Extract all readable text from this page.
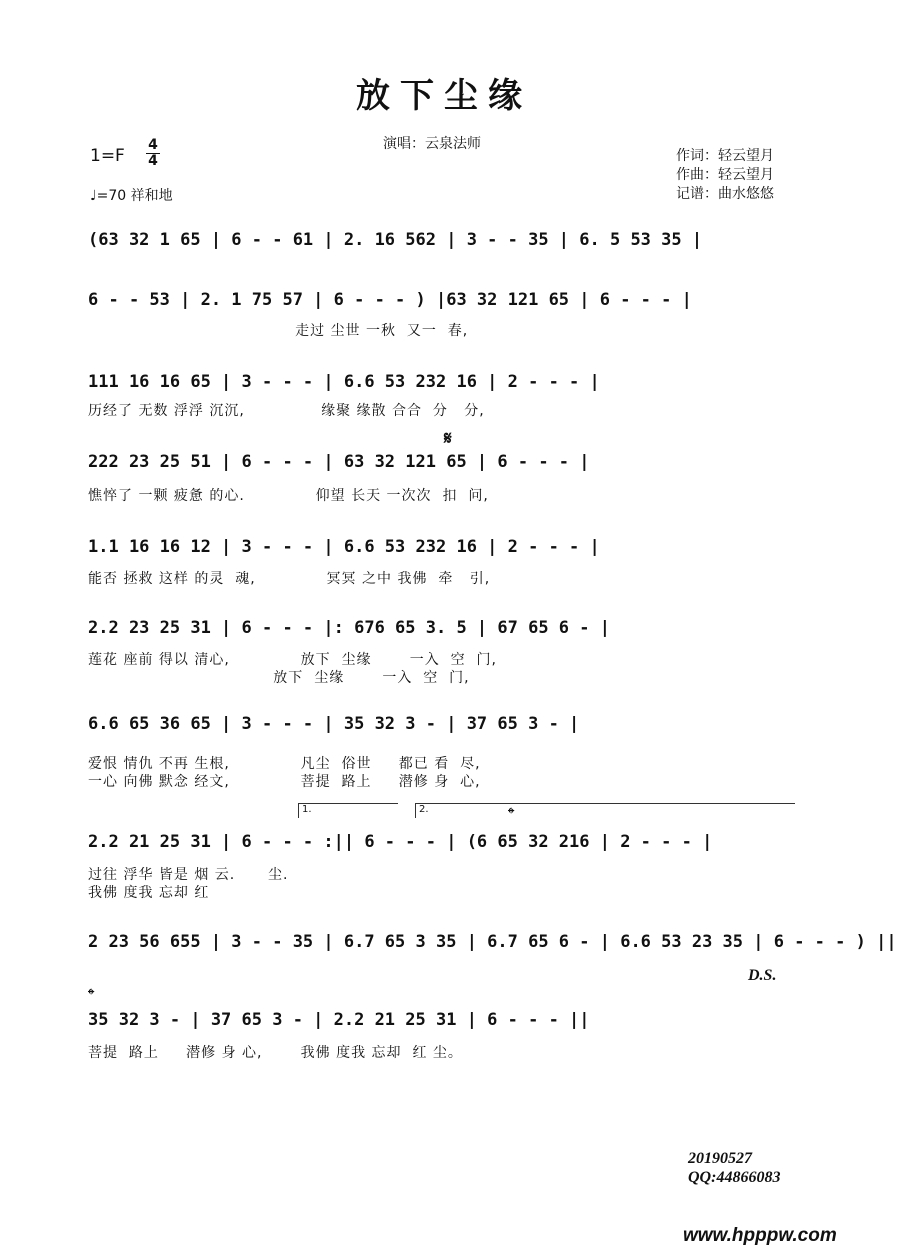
放下尘缘
演唱：云泉法师
1=F
4
4
♩=70 祥和地
作词：轻云望月
作曲：轻云望月
记谱：曲水悠悠
(63 32 1 65 | 6 - - 61 | 2. 16 562 | 3 - - 35 | 6. 5 53 35 |
6 - - 53 | 2. 1 75 57 | 6 - - - ) |63 32 121 65 | 6 - - - |
走过 尘世 一秋  又一  春,
111 16 16 65 | 3 - - - | 6.6 53 232 16 | 2 - - - |
历经了 无数 浮浮 沉沉,              缘聚 缘散 合合  分   分,
𝄋
222 23 25 51 | 6 - - - | 63 32 121 65 | 6 - - - |
憔悴了 一颗 疲惫 的心.             仰望 长天 一次次  扣  问,
1.1 16 16 12 | 3 - - - | 6.6 53 232 16 | 2 - - - |
能否 拯救 这样 的灵  魂,             冥冥 之中 我佛  牵   引,
2.2 23 25 31 | 6 - - - |: 676 65 3. 5 | 67 65 6 - |
莲花 座前 得以 清心,             放下  尘缘       一入  空  门,
放下  尘缘       一入  空  门,
6.6 65 36 65 | 3 - - - | 35 32 3 - | 37 65 3 - |
爱恨 情仇 不再 生根,             凡尘  俗世     都已 看  尽,
一心 向佛 默念 经文,             菩提  路上     潜修 身  心,
1.	2.	𝄌
2.2 21 25 31 | 6 - - - :|| 6 - - - | (6 65 32 216 | 2 - - - |
过往 浮华 皆是 烟 云.      尘.
我佛 度我 忘却 红
2 23 56 655 | 3 - - 35 | 6.7 65 3 35 | 6.7 65 6 - | 6.6 53 23 35 | 6 - - - ) ||
D.S.
𝄌
35 32 3 - | 37 65 3 - | 2.2 21 25 31 | 6 - - - ||
菩提  路上     潜修 身 心,       我佛 度我 忘却  红 尘。
20190527
QQ:44866083
www.hpppw.com
